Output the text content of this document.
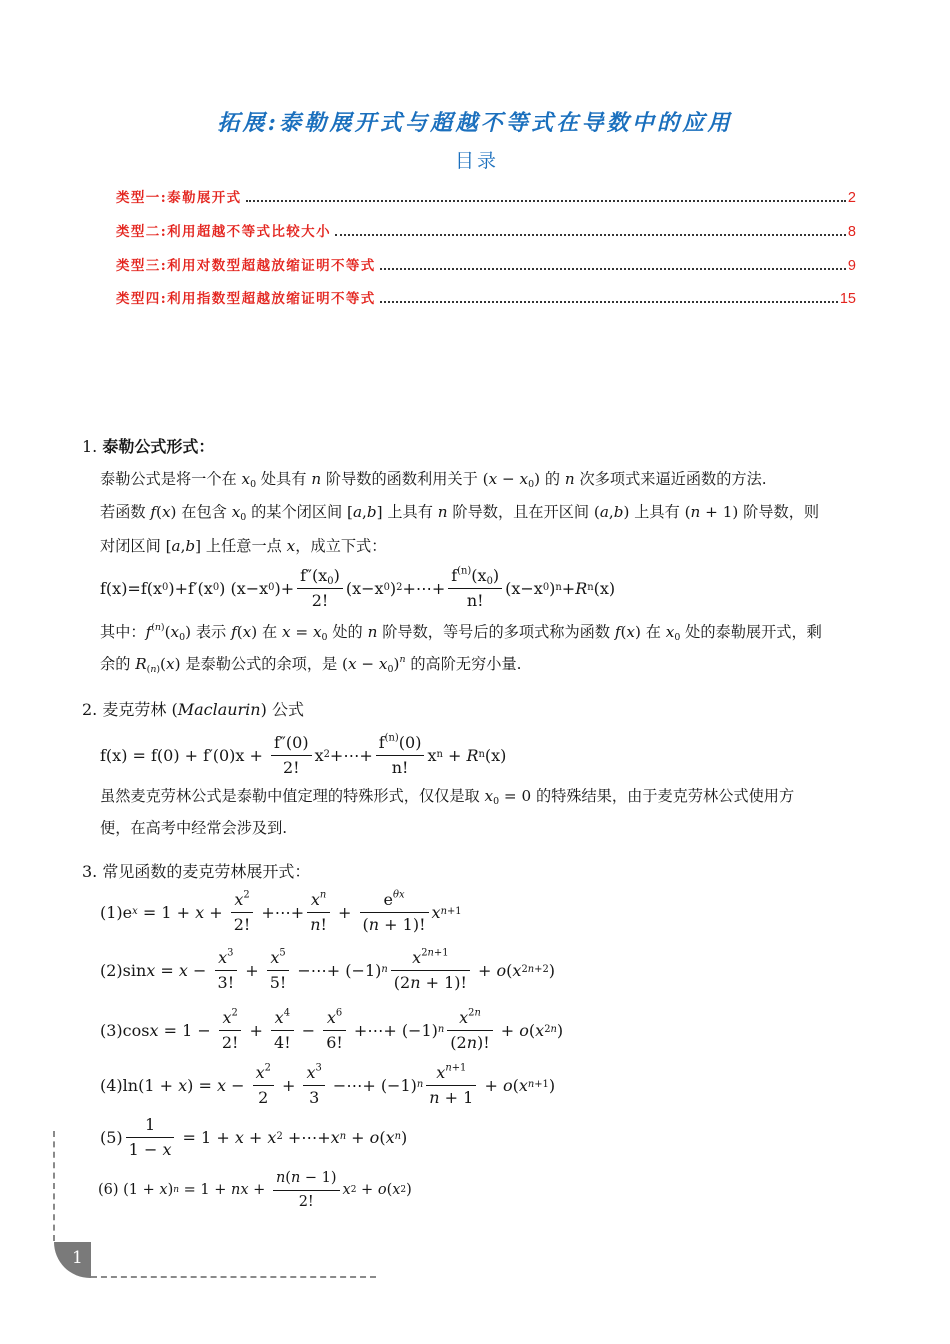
拓展:泰勒展开式与超越不等式在导数中的应用
目录
类型一:泰勒展开式	2
类型二:利用超越不等式比较大小	8
类型三:利用对数型超越放缩证明不等式	9
类型四:利用指数型超越放缩证明不等式	15
1. 泰勒公式形式：
泰勒公式是将一个在 $x_0$ 处具有 n 阶导数的函数利用关于 $(x - x_0)$ 的 n 次多项式来逼近函数的方法.
若函数 f(x) 在包含 $x_0$ 的某个闭区间 [a,b] 上具有 n 阶导数，且在开区间 (a,b) 上具有 (n + 1) 阶导数，则
对闭区间 [a,b] 上任意一点 x，成立下式：
f(x)=f(x 0 )+f′(x 0 ) (x−x 0 )+ $\frac{f''(x_0)}{2!} (x-x$ 0 ) 2 +⋯+ $\frac{f^{(n)}(x_0)}{n!} (x-x$ 0 ) n + R n (x)
其中：$f^{(n)}(x_0)$ 表示 f(x) 在 $x = x_0$ 处的 n 阶导数，等号后的多项式称为函数 f(x) 在 $x_0$ 处的泰勒展开式，剩
余的 $R_{(n)}(x)$ 是泰勒公式的余项，是 $(x - x_0)^n$ 的高阶无穷小量.
2. 麦克劳林 (Maclaurin) 公式
$f(x) = f(0) + f'(0)x + \frac{f''(0)}{2!}$ x 2 +⋯+ $\frac{f^{(n)}(0)}{n!}$ x n + R n (x)
虽然麦克劳林公式是泰勒中值定理的特殊形式，仅仅是取 $x_0 = 0$ 的特殊结果，由于麦克劳林公式使用方
便，在高考中经常会涉及到.
3. 常见函数的麦克劳林展开式：
(1)e $x = 1 + x + \frac{x^2}{2!}$ +⋯+ $\frac{x^n}{n!} + \frac{e^{\theta x}}{(n + 1)!}$ x n+1
(2)sin $x = x - \frac{x^3}{3!} + \frac{x^5}{5!}$ −⋯+ (−1) n $\frac{x^{2n+1}}{(2n + 1)!} + o$ ( x 2n+2 )
(3)cos $x = 1 - \frac{x^2}{2!} + \frac{x^4}{4!} - \frac{x^6}{6!}$ +⋯+ (−1) n $\frac{x^{2n}}{(2n)!} + o$ ( x 2n )
(4)ln(1 + x ) = $x - \frac{x^2}{2} + \frac{x^3}{3}$ −⋯+ (−1) n $\frac{x^{n+1}}{n + 1} + o$ ( x n+1 )
$(5) \frac{1}{1 - x} = 1 + x + x$ 2 +⋯+ x n + o ( x n )
(6) (1 + x ) n = 1 + n $x + \frac{n(n - 1)}{2!}$ x 2 + o ( x 2 )
1
